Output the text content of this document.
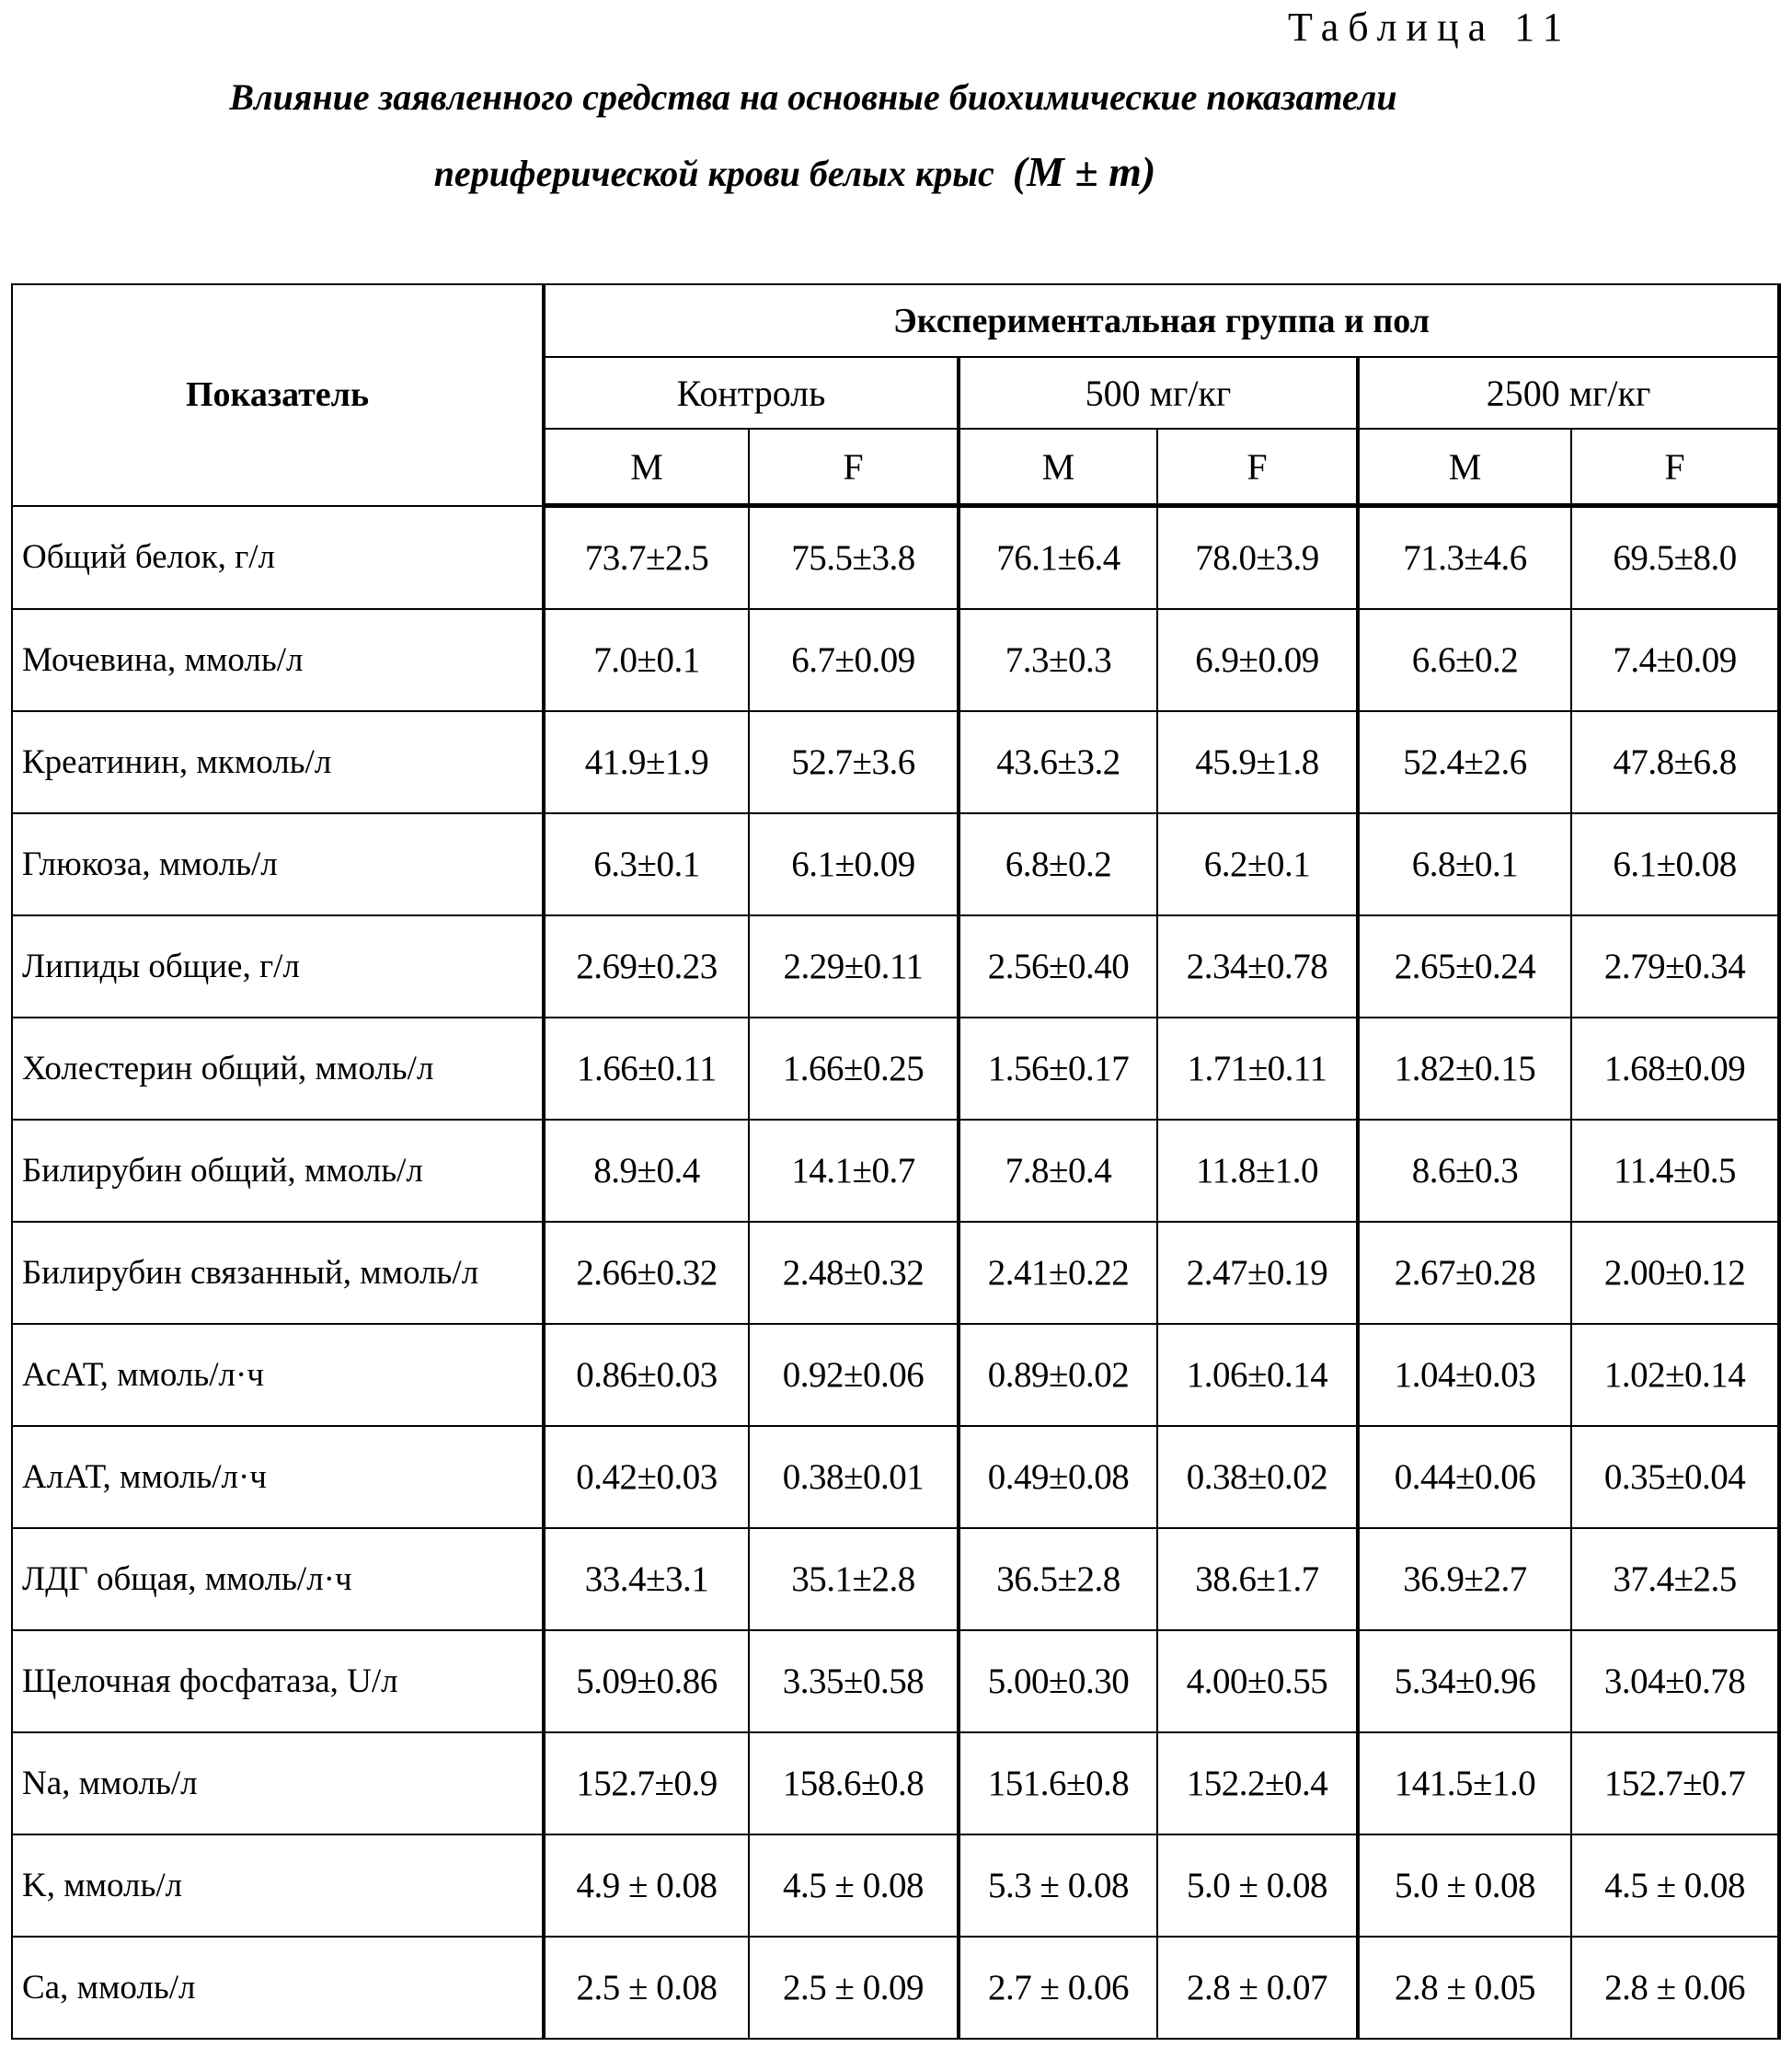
Таблица 11
Влияние заявленного средства на основные биохимические показатели
периферической крови белых крыс (M ± m)
Показатель	Экспериментальная группа и пол
Контроль	500 мг/кг	2500 мг/кг
M	F	M	F	M	F
Общий белок, г/л	73.7±2.5	75.5±3.8	76.1±6.4	78.0±3.9	71.3±4.6	69.5±8.0
Мочевина, ммоль/л	7.0±0.1	6.7±0.09	7.3±0.3	6.9±0.09	6.6±0.2	7.4±0.09
Креатинин, мкмоль/л	41.9±1.9	52.7±3.6	43.6±3.2	45.9±1.8	52.4±2.6	47.8±6.8
Глюкоза, ммоль/л	6.3±0.1	6.1±0.09	6.8±0.2	6.2±0.1	6.8±0.1	6.1±0.08
Липиды общие, г/л	2.69±0.23	2.29±0.11	2.56±0.40	2.34±0.78	2.65±0.24	2.79±0.34
Холестерин общий, ммоль/л	1.66±0.11	1.66±0.25	1.56±0.17	1.71±0.11	1.82±0.15	1.68±0.09
Билирубин общий, ммоль/л	8.9±0.4	14.1±0.7	7.8±0.4	11.8±1.0	8.6±0.3	11.4±0.5
Билирубин связанный, ммоль/л	2.66±0.32	2.48±0.32	2.41±0.22	2.47±0.19	2.67±0.28	2.00±0.12
АсАТ, ммоль/л·ч	0.86±0.03	0.92±0.06	0.89±0.02	1.06±0.14	1.04±0.03	1.02±0.14
АлАТ, ммоль/л·ч	0.42±0.03	0.38±0.01	0.49±0.08	0.38±0.02	0.44±0.06	0.35±0.04
ЛДГ общая, ммоль/л·ч	33.4±3.1	35.1±2.8	36.5±2.8	38.6±1.7	36.9±2.7	37.4±2.5
Щелочная фосфатаза, U/л	5.09±0.86	3.35±0.58	5.00±0.30	4.00±0.55	5.34±0.96	3.04±0.78
Na, ммоль/л	152.7±0.9	158.6±0.8	151.6±0.8	152.2±0.4	141.5±1.0	152.7±0.7
K, ммоль/л	4.9 ± 0.08	4.5 ± 0.08	5.3 ± 0.08	5.0 ± 0.08	5.0 ± 0.08	4.5 ± 0.08
Ca, ммоль/л	2.5 ± 0.08	2.5 ± 0.09	2.7 ± 0.06	2.8 ± 0.07	2.8 ± 0.05	2.8 ± 0.06
